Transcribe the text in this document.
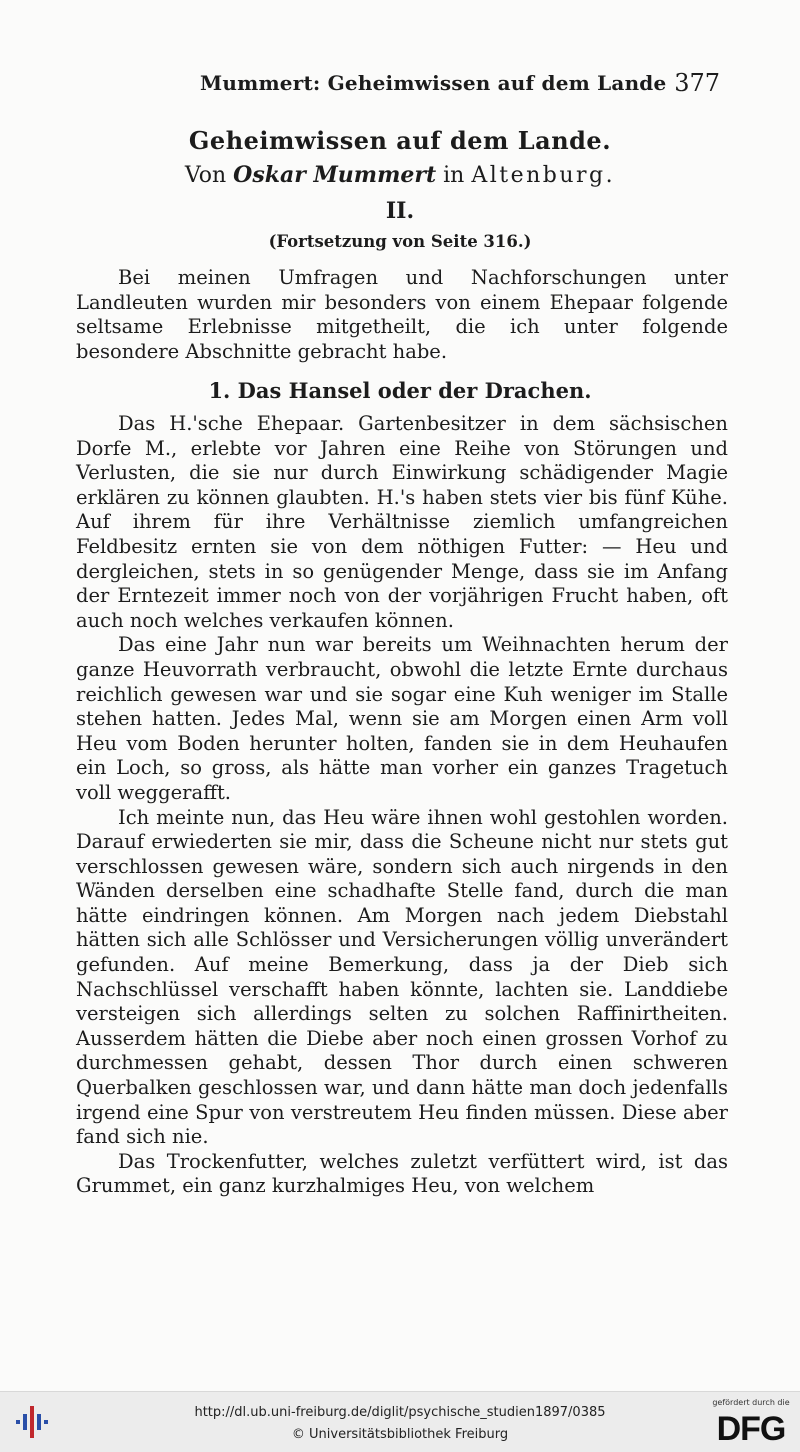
Mummert: Geheimwissen auf dem Lande 377
Geheimwissen auf dem Lande.
Von Oskar Mummert in Altenburg.
II.
(Fortsetzung von Seite 316.)

Bei meinen Umfragen und Nachforschungen unter Landleuten wurden mir besonders von einem Ehepaar folgende seltsame Erlebnisse mitgetheilt, die ich unter folgende besondere Abschnitte gebracht habe.

1. Das Hansel oder der Drachen.

Das H.'sche Ehepaar. Gartenbesitzer in dem sächsischen Dorfe M., erlebte vor Jahren eine Reihe von Störungen und Verlusten, die sie nur durch Einwirkung schädigender Magie erklären zu können glaubten. H.'s haben stets vier bis fünf Kühe. Auf ihrem für ihre Verhältnisse ziemlich umfangreichen Feldbesitz ernten sie von dem nöthigen Futter: — Heu und dergleichen, stets in so genügender Menge, dass sie im Anfang der Erntezeit immer noch von der vorjährigen Frucht haben, oft auch noch welches verkaufen können.

Das eine Jahr nun war bereits um Weihnachten herum der ganze Heuvorrath verbraucht, obwohl die letzte Ernte durchaus reichlich gewesen war und sie sogar eine Kuh weniger im Stalle stehen hatten. Jedes Mal, wenn sie am Morgen einen Arm voll Heu vom Boden herunter holten, fanden sie in dem Heuhaufen ein Loch, so gross, als hätte man vorher ein ganzes Tragetuch voll weggerafft.

Ich meinte nun, das Heu wäre ihnen wohl gestohlen worden. Darauf erwiederten sie mir, dass die Scheune nicht nur stets gut verschlossen gewesen wäre, sondern sich auch nirgends in den Wänden derselben eine schadhafte Stelle fand, durch die man hätte eindringen können. Am Morgen nach jedem Diebstahl hätten sich alle Schlösser und Versicherungen völlig unverändert gefunden. Auf meine Bemerkung, dass ja der Dieb sich Nachschlüssel verschafft haben könnte, lachten sie. Landdiebe versteigen sich allerdings selten zu solchen Raffinirtheiten. Ausserdem hätten die Diebe aber noch einen grossen Vorhof zu durchmessen gehabt, dessen Thor durch einen schweren Querbalken geschlossen war, und dann hätte man doch jedenfalls irgend eine Spur von verstreutem Heu finden müssen. Diese aber fand sich nie.

Das Trockenfutter, welches zuletzt verfüttert wird, ist das Grummet, ein ganz kurzhalmiges Heu, von welchem

http://dl.ub.uni-freiburg.de/diglit/psychische_studien1897/0385
© Universitätsbibliothek Freiburg
gefördert durch die
DFG
